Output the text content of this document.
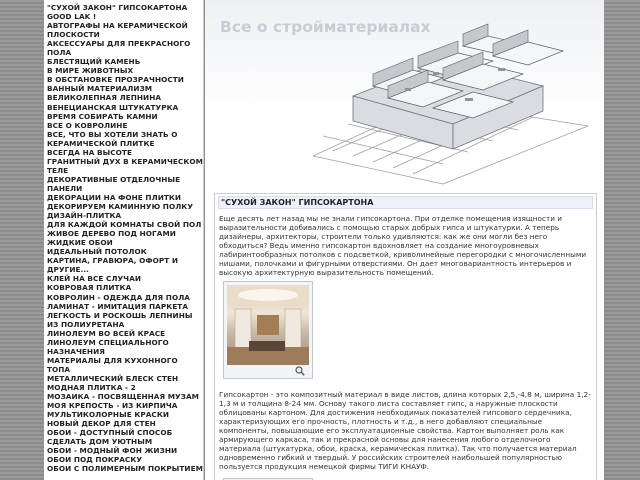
"СУХОЙ ЗАКОН" ГИПСОКАРТОНА
GOOD LAK !
АВТОГРАФЫ НА КЕРАМИЧЕСКОЙ ПЛОСКОСТИ
АКСЕССУАРЫ ДЛЯ ПРЕКРАСНОГО ПОЛА
БЛЕСТЯЩИЙ КАМЕНЬ
В МИРЕ ЖИВОТНЫХ
В ОБСТАНОВКЕ ПРОЗРАЧНОСТИ
ВАННЫЙ МАТЕРИАЛИЗМ
ВЕЛИКОЛЕПНАЯ ЛЕПНИНА
ВЕНЕЦИАНСКАЯ ШТУКАТУРКА
ВРЕМЯ СОБИРАТЬ КАМНИ
ВСЕ О КОВРОЛИНЕ
ВСЕ, ЧТО ВЫ ХОТЕЛИ ЗНАТЬ О КЕРАМИЧЕСКОЙ ПЛИТКЕ
ВСЕГДА НА ВЫСОТЕ
ГРАНИТНЫЙ ДУХ В КЕРАМИЧЕСКОМ ТЕЛЕ
ДЕКОРАТИВНЫЕ ОТДЕЛОЧНЫЕ ПАНЕЛИ
ДЕКОРАЦИИ НА ФОНЕ ПЛИТКИ
ДЕКОРИРУЕМ КАМИННУЮ ПОЛКУ
ДИЗАЙН-ПЛИТКА
ДЛЯ КАЖДОЙ КОМНАТЫ СВОЙ ПОЛ
ЖИВОЕ ДЕРЕВО ПОД НОГАМИ
ЖИДКИЕ ОБОИ
ИДЕАЛЬНЫЙ ПОТОЛОК
КАРТИНА, ГРАВЮРА, ОФОРТ И ДРУГИЕ...
КЛЕЙ НА ВСЕ СЛУЧАИ
КОВРОВАЯ ПЛИТКА
КОВРОЛИН - ОДЕЖДА ДЛЯ ПОЛА
ЛАМИНАТ - ИМИТАЦИЯ ПАРКЕТА
ЛЕГКОСТЬ И РОСКОШЬ ЛЕПНИНЫ ИЗ ПОЛИУРЕТАНА
ЛИНОЛЕУМ ВО ВСЕЙ КРАСЕ
ЛИНОЛЕУМ СПЕЦИАЛЬНОГО НАЗНАЧЕНИЯ
МАТЕРИАЛЫ ДЛЯ КУХОННОГО ТОПА
МЕТАЛЛИЧЕСКИЙ БЛЕСК СТЕН
МОДНАЯ ПЛИТКА - 2
МОЗАИКА - ПОСВЯЩЕННАЯ МУЗАМ
МОЯ КРЕПОСТЬ - ИЗ КИРПИЧА
МУЛЬТИКОЛОРНЫЕ КРАСКИ
НОВЫЙ ДЕКОР ДЛЯ СТЕН
ОБОИ - ДОСТУПНЫЙ СПОСОБ СДЕЛАТЬ ДОМ УЮТНЫМ
ОБОИ - МОДНЫЙ ФОН ЖИЗНИ
ОБОИ ПОД ПОКРАСКУ
ОБОИ С ПОЛИМЕРНЫМ ПОКРЫТИЕМ
Все о стройматериалах
"СУХОЙ ЗАКОН" ГИПСОКАРТОНА

Еще десять лет назад мы не знали гипсокартона. При отделке помещения изящности и выразительности добивались с помощью старых добрых гипса и штукатурки. А теперь дизайнеры, архитекторы, строители только удивляются: как же они могли без него обходиться? Ведь именно гипсокартон вдохновляет на создание многоуровневых лабиринтообразных потолков с подсветкой, криволинейные перегородки с многочисленными нишами, полочками и фигурными отверстиями. Он дает многовариантность интерьеров и высокую архитектурную выразительность помещений.

Гипсокартон - это композитный материал в виде листов, длина которых 2,5,-4,8 м, ширина 1,2-1,3 м и толщина 8-24 мм. Основу такого листа составляет гипс, а наружные плоскости облицованы картоном. Для достижения необходимых показателей гипсового сердечника, характеризующих его прочность, плотность и т.д., в него добавляют специальные компоненты, повышающие его эксплуатационные свойства. Картон выполняет роль как армирующего каркаса, так и прекрасной основы для нанесения любого отделочного материала (штукатурка, обои, краска, керамическая плитка). Так что получается материал одновременно гибкий и твердый. У российских строителей наибольшей популярностью пользуется продукция немецкой фирмы ТИГИ КНАУФ.
